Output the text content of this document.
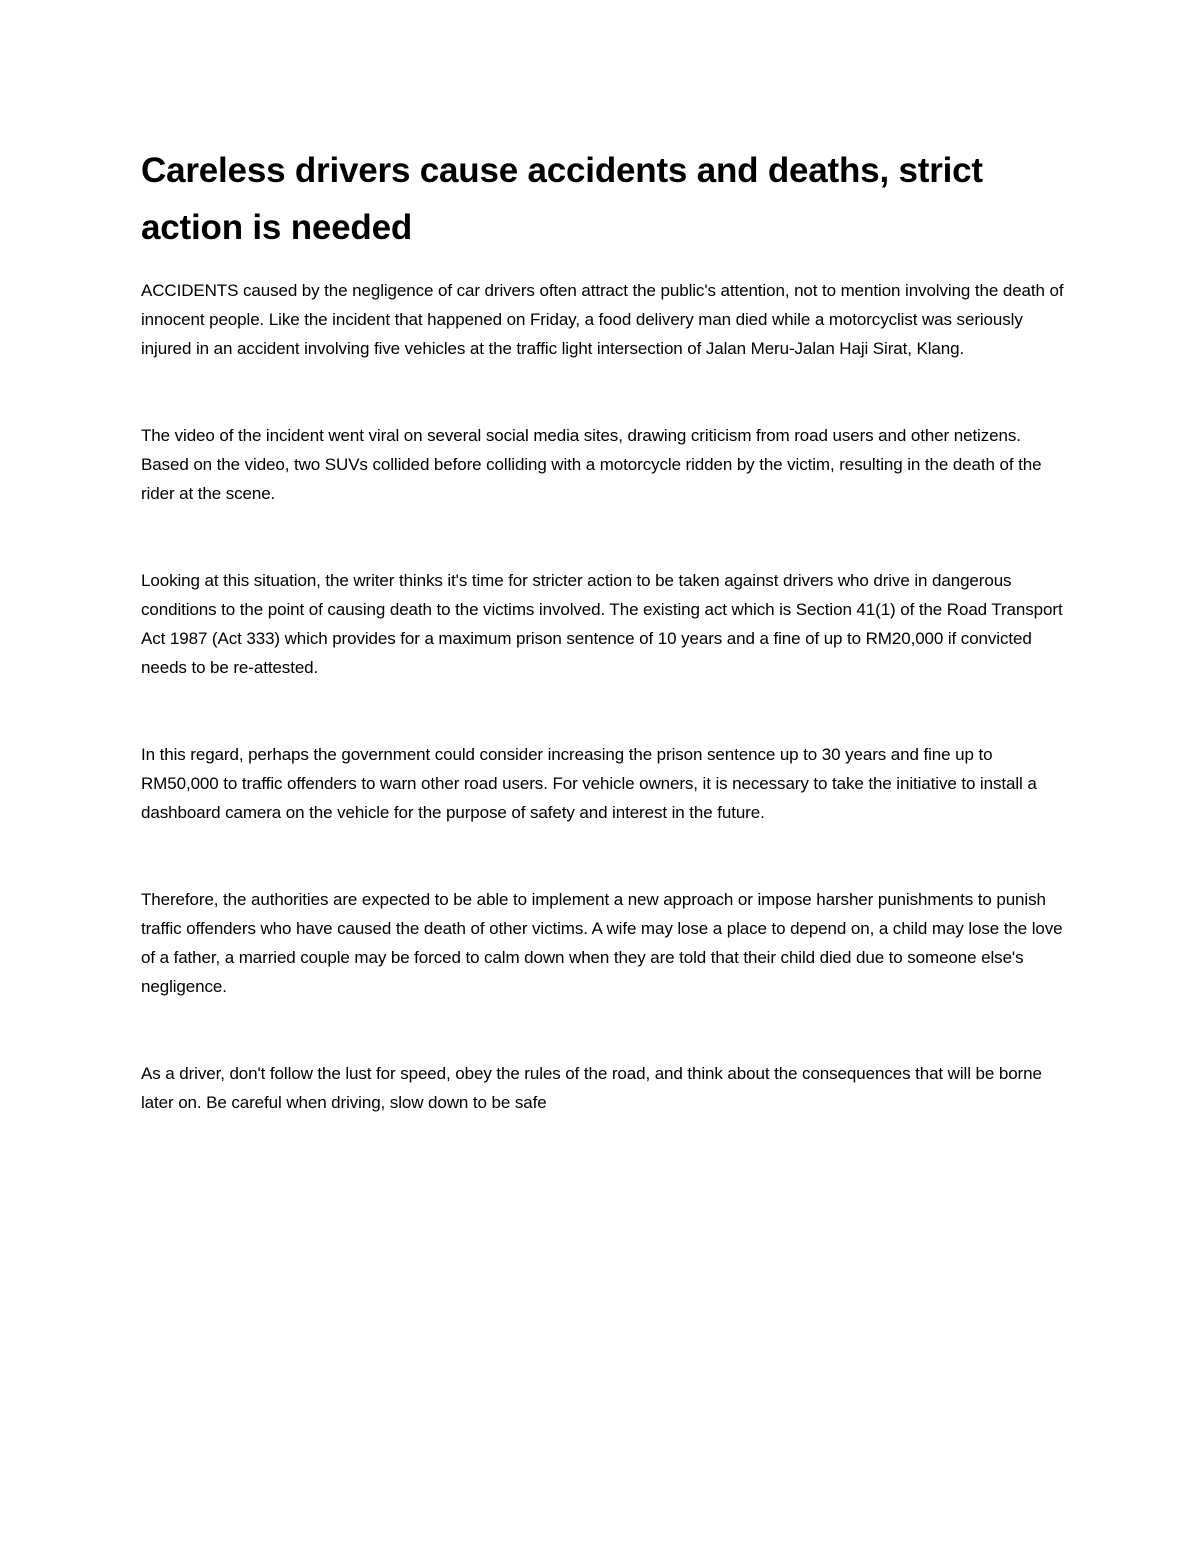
Careless drivers cause accidents and deaths, strict action is needed

ACCIDENTS caused by the negligence of car drivers often attract the public's attention, not to mention involving the death of innocent people. Like the incident that happened on Friday, a food delivery man died while a motorcyclist was seriously injured in an accident involving five vehicles at the traffic light intersection of Jalan Meru-Jalan Haji Sirat, Klang.

The video of the incident went viral on several social media sites, drawing criticism from road users and other netizens. Based on the video, two SUVs collided before colliding with a motorcycle ridden by the victim, resulting in the death of the rider at the scene.

Looking at this situation, the writer thinks it's time for stricter action to be taken against drivers who drive in dangerous conditions to the point of causing death to the victims involved. The existing act which is Section 41(1) of the Road Transport Act 1987 (Act 333) which provides for a maximum prison sentence of 10 years and a fine of up to RM20,000 if convicted needs to be re-attested.

In this regard, perhaps the government could consider increasing the prison sentence up to 30 years and fine up to RM50,000 to traffic offenders to warn other road users. For vehicle owners, it is necessary to take the initiative to install a dashboard camera on the vehicle for the purpose of safety and interest in the future.

Therefore, the authorities are expected to be able to implement a new approach or impose harsher punishments to punish traffic offenders who have caused the death of other victims. A wife may lose a place to depend on, a child may lose the love of a father, a married couple may be forced to calm down when they are told that their child died due to someone else's negligence.

As a driver, don't follow the lust for speed, obey the rules of the road, and think about the consequences that will be borne later on. Be careful when driving, slow down to be safe
